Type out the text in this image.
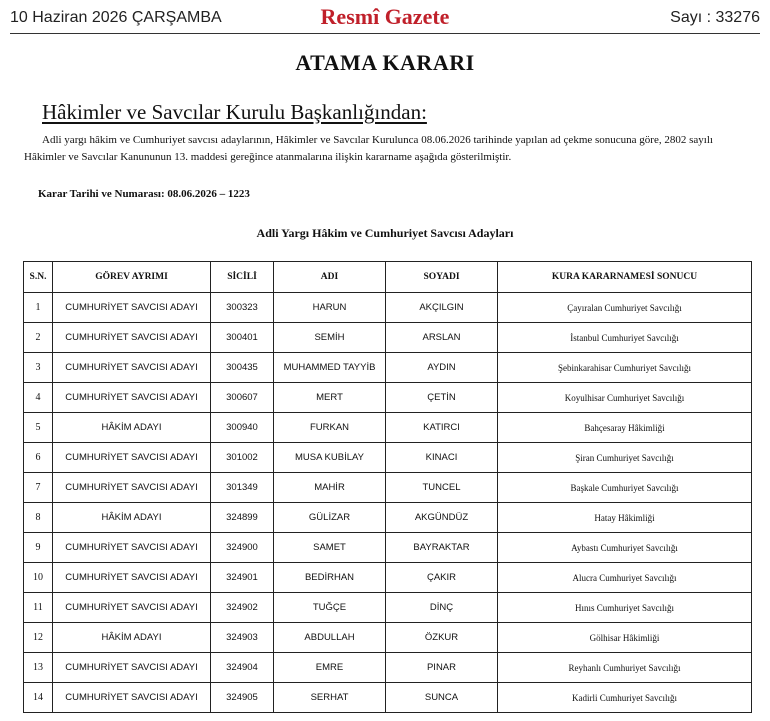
10 Haziran 2026 ÇARŞAMBA	Resmî Gazete	Sayı : 33276
ATAMA KARARI
Hâkimler ve Savcılar Kurulu Başkanlığından:
Adli yargı hâkim ve Cumhuriyet savcısı adaylarının, Hâkimler ve Savcılar Kurulunca 08.06.2026 tarihinde yapılan ad çekme sonucuna göre, 2802 sayılı Hâkimler ve Savcılar Kanununun 13. maddesi gereğince atanmalarına ilişkin kararname aşağıda gösterilmiştir.
Karar Tarihi ve Numarası: 08.06.2026 – 1223
Adli Yargı Hâkim ve Cumhuriyet Savcısı Adayları
S.N.	GÖREV AYRIMI	SİCİLİ	ADI	SOYADI	KURA KARARNAMESİ SONUCU
1	CUMHURİYET SAVCISI ADAYI	300323	HARUN	AKÇILGIN	Çayıralan Cumhuriyet Savcılığı
2	CUMHURİYET SAVCISI ADAYI	300401	SEMİH	ARSLAN	İstanbul Cumhuriyet Savcılığı
3	CUMHURİYET SAVCISI ADAYI	300435	MUHAMMED TAYYİB	AYDIN	Şebinkarahisar Cumhuriyet Savcılığı
4	CUMHURİYET SAVCISI ADAYI	300607	MERT	ÇETİN	Koyulhisar Cumhuriyet Savcılığı
5	HÂKİM ADAYI	300940	FURKAN	KATIRCI	Bahçesaray Hâkimliği
6	CUMHURİYET SAVCISI ADAYI	301002	MUSA KUBİLAY	KINACI	Şiran Cumhuriyet Savcılığı
7	CUMHURİYET SAVCISI ADAYI	301349	MAHİR	TUNCEL	Başkale Cumhuriyet Savcılığı
8	HÂKİM ADAYI	324899	GÜLİZAR	AKGÜNDÜZ	Hatay Hâkimliği
9	CUMHURİYET SAVCISI ADAYI	324900	SAMET	BAYRAKTAR	Aybastı Cumhuriyet Savcılığı
10	CUMHURİYET SAVCISI ADAYI	324901	BEDİRHAN	ÇAKIR	Alucra Cumhuriyet Savcılığı
11	CUMHURİYET SAVCISI ADAYI	324902	TUĞÇE	DİNÇ	Hınıs Cumhuriyet Savcılığı
12	HÂKİM ADAYI	324903	ABDULLAH	ÖZKUR	Gölhisar Hâkimliği
13	CUMHURİYET SAVCISI ADAYI	324904	EMRE	PINAR	Reyhanlı Cumhuriyet Savcılığı
14	CUMHURİYET SAVCISI ADAYI	324905	SERHAT	SUNCA	Kadirli Cumhuriyet Savcılığı
